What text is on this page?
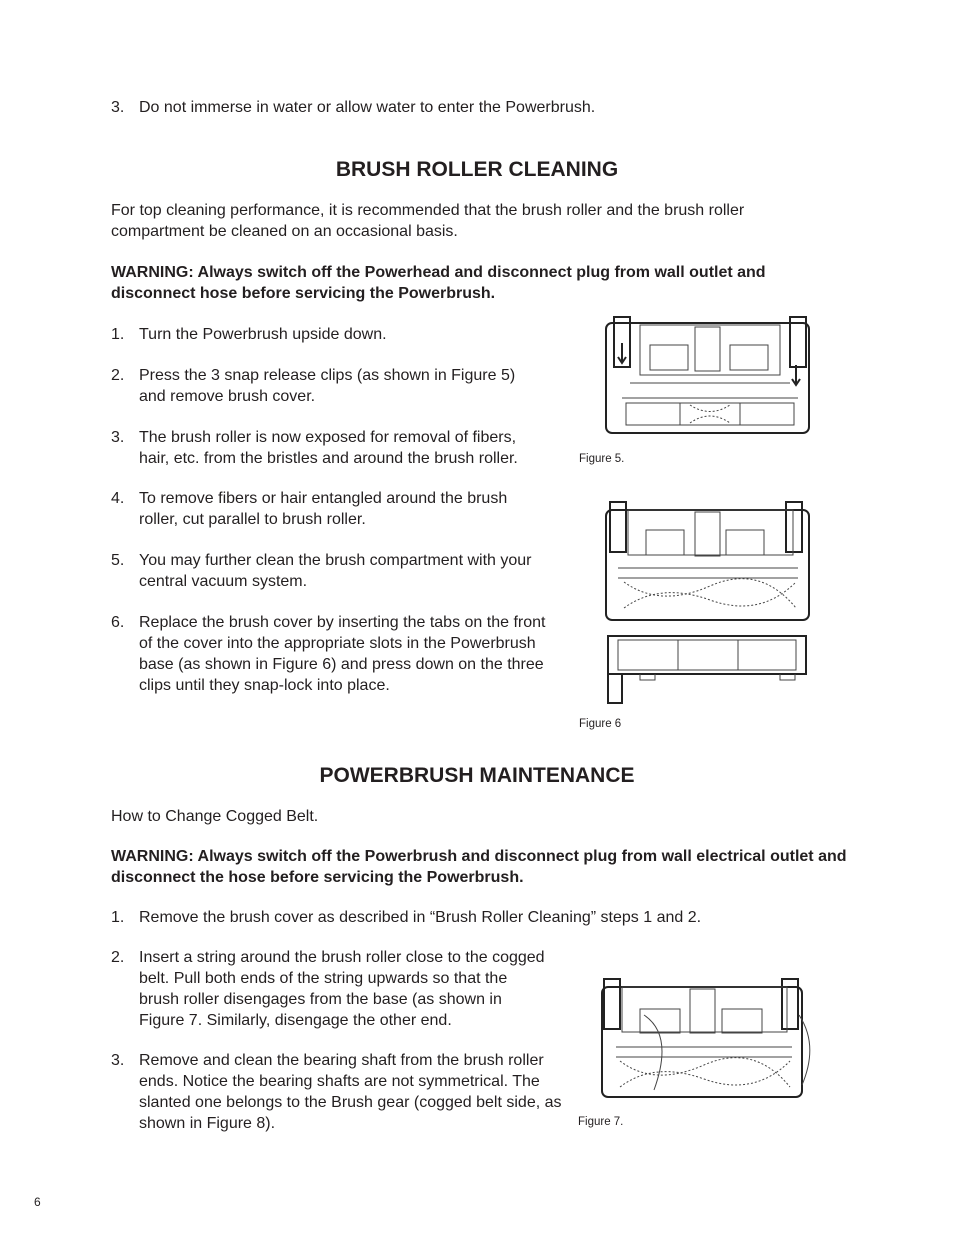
3. Do not immerse in water or allow water to enter the Powerbrush.
BRUSH ROLLER CLEANING
For top cleaning performance, it is recommended that the brush roller and the brush roller compartment be cleaned on an occasional basis.
WARNING: Always switch off the Powerhead and disconnect plug from wall outlet and disconnect hose before servicing the Powerbrush.
1. Turn the Powerbrush upside down.
2. Press the 3 snap release clips (as shown in Figure 5) and remove brush cover.
3. The brush roller is now exposed for removal of fibers, hair, etc. from the bristles and around the brush roller.
4. To remove fibers or hair entangled around the brush roller, cut parallel to brush roller.
5. You may further clean the brush compartment with your central vacuum system.
6. Replace the brush cover by inserting the tabs on the front of the cover into the appropriate slots in the Powerbrush base (as shown in Figure 6) and press down on the three clips until they snap-lock into place.
Figure 5.
Figure 6
POWERBRUSH MAINTENANCE
How to Change Cogged Belt.
WARNING: Always switch off the Powerbrush and disconnect plug from wall electrical outlet and disconnect the hose before servicing the Powerbrush.
1. Remove the brush cover as described in “Brush Roller Cleaning” steps 1 and 2.
2. Insert a string around the brush roller close to the cogged belt. Pull both ends of the string upwards so that the brush roller disengages from the base (as shown in Figure 7. Similarly, disengage the other end.
3. Remove and clean the bearing shaft from the brush roller ends. Notice the bearing shafts are not symmetrical. The slanted one belongs to the Brush gear (cogged belt side, as shown in Figure 8).	Figure 7.
6
